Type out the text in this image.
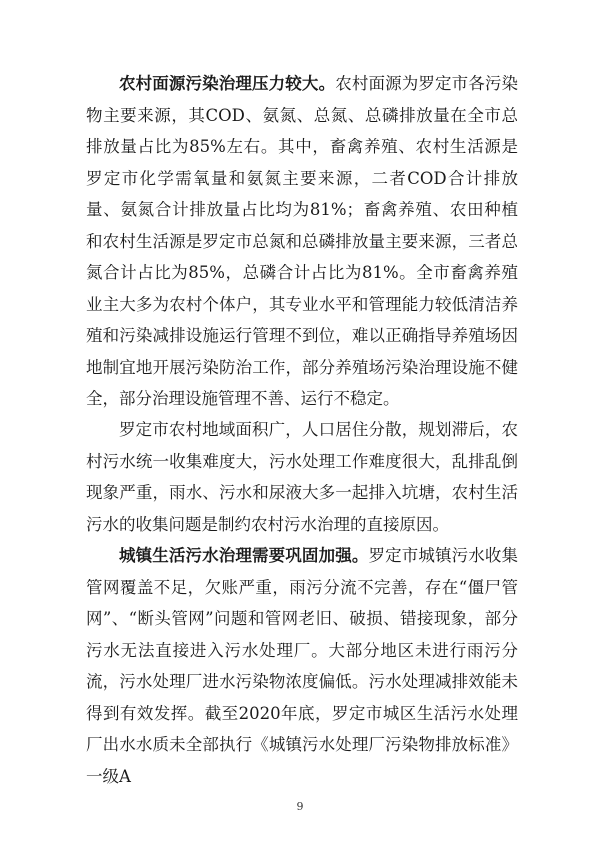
农村面源污染治理压力较大。农村面源为罗定市各污染物主要来源，其COD、氨氮、总氮、总磷排放量在全市总排放量占比为85%左右。其中，畜禽养殖、农村生活源是罗定市化学需氧量和氨氮主要来源，二者COD合计排放量、氨氮合计排放量占比均为81%；畜禽养殖、农田种植和农村生活源是罗定市总氮和总磷排放量主要来源，三者总氮合计占比为85%，总磷合计占比为81%。全市畜禽养殖业主大多为农村个体户，其专业水平和管理能力较低清洁养殖和污染减排设施运行管理不到位，难以正确指导养殖场因地制宜地开展污染防治工作，部分养殖场污染治理设施不健全，部分治理设施管理不善、运行不稳定。

罗定市农村地域面积广，人口居住分散，规划滞后，农村污水统一收集难度大，污水处理工作难度很大，乱排乱倒现象严重，雨水、污水和尿液大多一起排入坑塘，农村生活污水的收集问题是制约农村污水治理的直接原因。

城镇生活污水治理需要巩固加强。罗定市城镇污水收集管网覆盖不足，欠账严重，雨污分流不完善，存在“僵尸管网”、“断头管网”问题和管网老旧、破损、错接现象，部分污水无法直接进入污水处理厂。大部分地区未进行雨污分流，污水处理厂进水污染物浓度偏低。污水处理减排效能未得到有效发挥。截至2020年底，罗定市城区生活污水处理厂出水水质未全部执行《城镇污水处理厂污染物排放标准》一级A

9
